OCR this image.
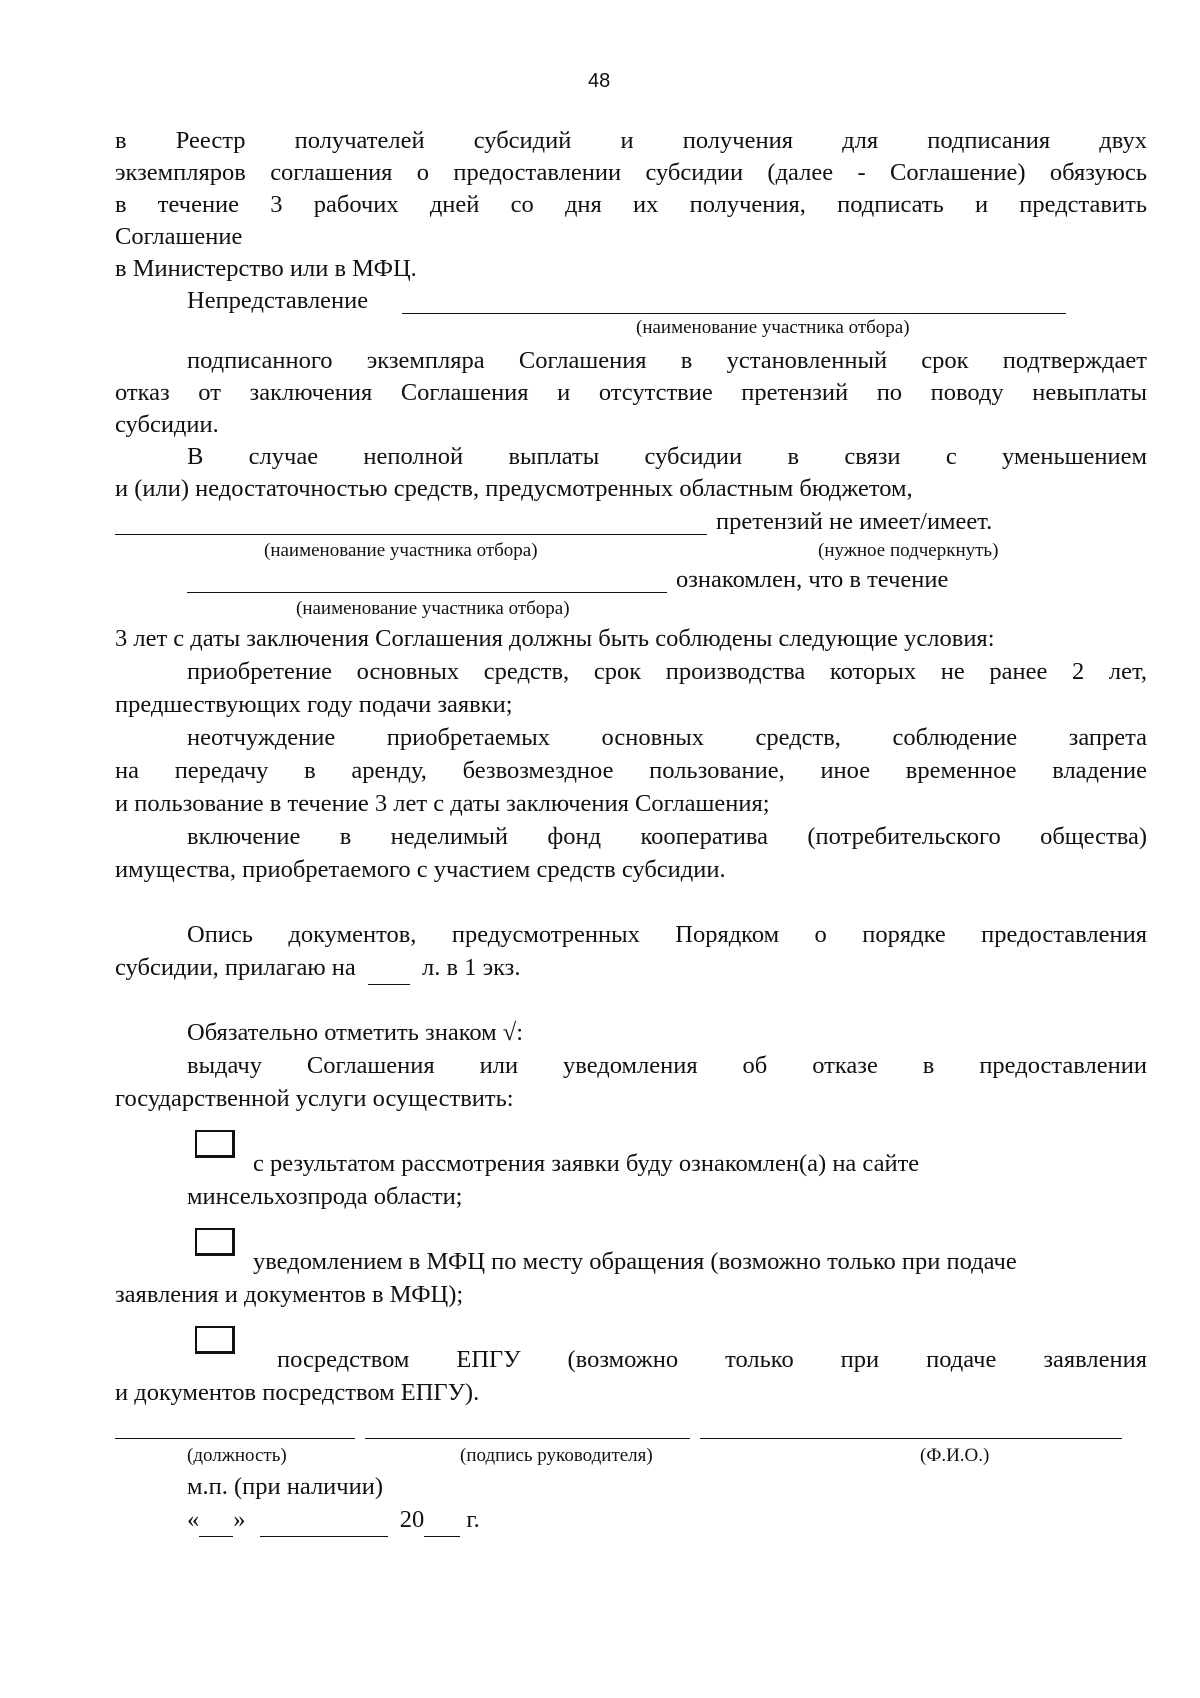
48
в Реестр получателей субсидий и получения для подписания двух
экземпляров соглашения о предоставлении субсидии (далее - Соглашение) обязуюсь
в течение 3 рабочих дней со дня их получения, подписать и представить
Соглашение
в Министерство или в МФЦ.
Непредставление
(наименование участника отбора)
подписанного экземпляра Соглашения в установленный срок подтверждает
отказ от заключения Соглашения и отсутствие претензий по поводу невыплаты
субсидии.
В случае неполной выплаты субсидии в связи с уменьшением
и (или) недостаточностью средств, предусмотренных областным бюджетом,
претензий не имеет/имеет.
(наименование участника отбора)	(нужное подчеркнуть)
ознакомлен, что в течение
(наименование участника отбора)
3 лет с даты заключения Соглашения должны быть соблюдены следующие условия:
приобретение основных средств, срок производства которых не ранее 2 лет,
предшествующих году подачи заявки;
неотчуждение приобретаемых основных средств, соблюдение запрета
на передачу в аренду, безвозмездное пользование, иное временное владение
и пользование в течение 3 лет с даты заключения Соглашения;
включение в неделимый фонд кооператива (потребительского общества)
имущества, приобретаемого с участием средств субсидии.
Опись документов, предусмотренных Порядком о порядке предоставления
субсидии, прилагаю на	л. в 1 экз.
Обязательно отметить знаком √:
выдачу Соглашения или уведомления об отказе в предоставлении
государственной услуги осуществить:
с результатом рассмотрения заявки буду ознакомлен(а) на сайте
минсельхозпрода области;
уведомлением в МФЦ по месту обращения (возможно только при подаче
заявления и документов в МФЦ);
посредством ЕПГУ (возможно только при подаче заявления
и документов посредством ЕПГУ).
(должность)	(подпись руководителя)	(Ф.И.О.)
м.п. (при наличии)
« »	20 г.
